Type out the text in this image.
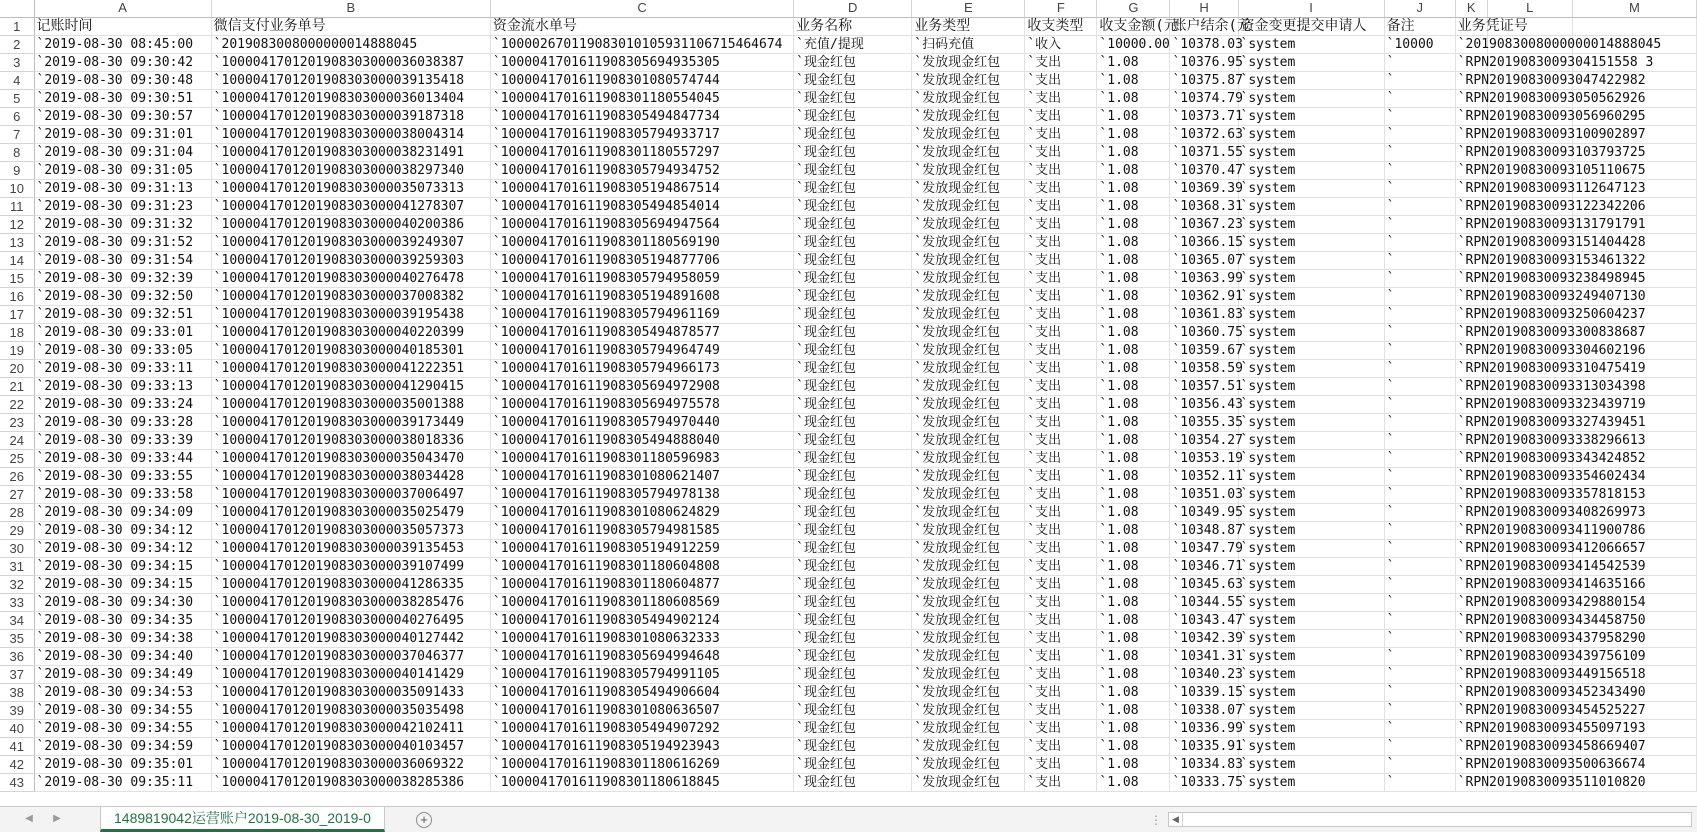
	A	B	C	D	E	F	G	H	I	J	K	L	M
1	记账时间	微信支付业务单号	资金流水单号	业务名称	业务类型	收支类型	收支金额(元	账户结余(元	资金变更提交申请人	备注	业务凭证号		
2	`2019-08-30 08:45:00	`2019083008000000014888045	`100002670119083010105931106715464674	`充值/提现	`扫码充值	`收入	`10000.00	`10378.03	`system	`10000	`2019083008000000014888045		
3	`2019-08-30 09:30:42	`1000041701201908303000036038387	`1000041701611908305694935305	`现金红包	`发放现金红包	`支出	`1.08	`10376.95	`system	`	`RPN2019083009304151558 3		
4	`2019-08-30 09:30:48	`1000041701201908303000039135418	`1000041701611908301080574744	`现金红包	`发放现金红包	`支出	`1.08	`10375.87	`system	`	`RPN20190830093047422982		
5	`2019-08-30 09:30:51	`1000041701201908303000036013404	`1000041701611908301180554045	`现金红包	`发放现金红包	`支出	`1.08	`10374.79	`system	`	`RPN20190830093050562926		
6	`2019-08-30 09:30:57	`1000041701201908303000039187318	`1000041701611908305494847734	`现金红包	`发放现金红包	`支出	`1.08	`10373.71	`system	`	`RPN20190830093056960295		
7	`2019-08-30 09:31:01	`1000041701201908303000038004314	`1000041701611908305794933717	`现金红包	`发放现金红包	`支出	`1.08	`10372.63	`system	`	`RPN20190830093100902897		
8	`2019-08-30 09:31:04	`1000041701201908303000038231491	`1000041701611908301180557297	`现金红包	`发放现金红包	`支出	`1.08	`10371.55	`system	`	`RPN20190830093103793725		
9	`2019-08-30 09:31:05	`1000041701201908303000038297340	`1000041701611908305794934752	`现金红包	`发放现金红包	`支出	`1.08	`10370.47	`system	`	`RPN20190830093105110675		
10	`2019-08-30 09:31:13	`1000041701201908303000035073313	`1000041701611908305194867514	`现金红包	`发放现金红包	`支出	`1.08	`10369.39	`system	`	`RPN20190830093112647123		
11	`2019-08-30 09:31:23	`1000041701201908303000041278307	`1000041701611908305494854014	`现金红包	`发放现金红包	`支出	`1.08	`10368.31	`system	`	`RPN20190830093122342206		
12	`2019-08-30 09:31:32	`1000041701201908303000040200386	`1000041701611908305694947564	`现金红包	`发放现金红包	`支出	`1.08	`10367.23	`system	`	`RPN20190830093131791791		
13	`2019-08-30 09:31:52	`1000041701201908303000039249307	`1000041701611908301180569190	`现金红包	`发放现金红包	`支出	`1.08	`10366.15	`system	`	`RPN20190830093151404428		
14	`2019-08-30 09:31:54	`1000041701201908303000039259303	`1000041701611908305194877706	`现金红包	`发放现金红包	`支出	`1.08	`10365.07	`system	`	`RPN20190830093153461322		
15	`2019-08-30 09:32:39	`1000041701201908303000040276478	`1000041701611908305794958059	`现金红包	`发放现金红包	`支出	`1.08	`10363.99	`system	`	`RPN20190830093238498945		
16	`2019-08-30 09:32:50	`1000041701201908303000037008382	`1000041701611908305194891608	`现金红包	`发放现金红包	`支出	`1.08	`10362.91	`system	`	`RPN20190830093249407130		
17	`2019-08-30 09:32:51	`1000041701201908303000039195438	`1000041701611908305794961169	`现金红包	`发放现金红包	`支出	`1.08	`10361.83	`system	`	`RPN20190830093250604237		
18	`2019-08-30 09:33:01	`1000041701201908303000040220399	`1000041701611908305494878577	`现金红包	`发放现金红包	`支出	`1.08	`10360.75	`system	`	`RPN20190830093300838687		
19	`2019-08-30 09:33:05	`1000041701201908303000040185301	`1000041701611908305794964749	`现金红包	`发放现金红包	`支出	`1.08	`10359.67	`system	`	`RPN20190830093304602196		
20	`2019-08-30 09:33:11	`1000041701201908303000041222351	`1000041701611908305794966173	`现金红包	`发放现金红包	`支出	`1.08	`10358.59	`system	`	`RPN20190830093310475419		
21	`2019-08-30 09:33:13	`1000041701201908303000041290415	`1000041701611908305694972908	`现金红包	`发放现金红包	`支出	`1.08	`10357.51	`system	`	`RPN20190830093313034398		
22	`2019-08-30 09:33:24	`1000041701201908303000035001388	`1000041701611908305694975578	`现金红包	`发放现金红包	`支出	`1.08	`10356.43	`system	`	`RPN20190830093323439719		
23	`2019-08-30 09:33:28	`1000041701201908303000039173449	`1000041701611908305794970440	`现金红包	`发放现金红包	`支出	`1.08	`10355.35	`system	`	`RPN20190830093327439451		
24	`2019-08-30 09:33:39	`1000041701201908303000038018336	`1000041701611908305494888040	`现金红包	`发放现金红包	`支出	`1.08	`10354.27	`system	`	`RPN20190830093338296613		
25	`2019-08-30 09:33:44	`1000041701201908303000035043470	`1000041701611908301180596983	`现金红包	`发放现金红包	`支出	`1.08	`10353.19	`system	`	`RPN20190830093343424852		
26	`2019-08-30 09:33:55	`1000041701201908303000038034428	`1000041701611908301080621407	`现金红包	`发放现金红包	`支出	`1.08	`10352.11	`system	`	`RPN20190830093354602434		
27	`2019-08-30 09:33:58	`1000041701201908303000037006497	`1000041701611908305794978138	`现金红包	`发放现金红包	`支出	`1.08	`10351.03	`system	`	`RPN20190830093357818153		
28	`2019-08-30 09:34:09	`1000041701201908303000035025479	`1000041701611908301080624829	`现金红包	`发放现金红包	`支出	`1.08	`10349.95	`system	`	`RPN20190830093408269973		
29	`2019-08-30 09:34:12	`1000041701201908303000035057373	`1000041701611908305794981585	`现金红包	`发放现金红包	`支出	`1.08	`10348.87	`system	`	`RPN20190830093411900786		
30	`2019-08-30 09:34:12	`1000041701201908303000039135453	`1000041701611908305194912259	`现金红包	`发放现金红包	`支出	`1.08	`10347.79	`system	`	`RPN20190830093412066657		
31	`2019-08-30 09:34:15	`1000041701201908303000039107499	`1000041701611908301180604808	`现金红包	`发放现金红包	`支出	`1.08	`10346.71	`system	`	`RPN20190830093414542539		
32	`2019-08-30 09:34:15	`1000041701201908303000041286335	`1000041701611908301180604877	`现金红包	`发放现金红包	`支出	`1.08	`10345.63	`system	`	`RPN20190830093414635166		
33	`2019-08-30 09:34:30	`1000041701201908303000038285476	`1000041701611908301180608569	`现金红包	`发放现金红包	`支出	`1.08	`10344.55	`system	`	`RPN20190830093429880154		
34	`2019-08-30 09:34:35	`1000041701201908303000040276495	`1000041701611908305494902124	`现金红包	`发放现金红包	`支出	`1.08	`10343.47	`system	`	`RPN20190830093434458750		
35	`2019-08-30 09:34:38	`1000041701201908303000040127442	`1000041701611908301080632333	`现金红包	`发放现金红包	`支出	`1.08	`10342.39	`system	`	`RPN20190830093437958290		
36	`2019-08-30 09:34:40	`1000041701201908303000037046377	`1000041701611908305694994648	`现金红包	`发放现金红包	`支出	`1.08	`10341.31	`system	`	`RPN20190830093439756109		
37	`2019-08-30 09:34:49	`1000041701201908303000040141429	`1000041701611908305794991105	`现金红包	`发放现金红包	`支出	`1.08	`10340.23	`system	`	`RPN20190830093449156518		
38	`2019-08-30 09:34:53	`1000041701201908303000035091433	`1000041701611908305494906604	`现金红包	`发放现金红包	`支出	`1.08	`10339.15	`system	`	`RPN20190830093452343490		
39	`2019-08-30 09:34:55	`1000041701201908303000035035498	`1000041701611908301080636507	`现金红包	`发放现金红包	`支出	`1.08	`10338.07	`system	`	`RPN20190830093454525227		
40	`2019-08-30 09:34:55	`1000041701201908303000042102411	`1000041701611908305494907292	`现金红包	`发放现金红包	`支出	`1.08	`10336.99	`system	`	`RPN20190830093455097193		
41	`2019-08-30 09:34:59	`1000041701201908303000040103457	`1000041701611908305194923943	`现金红包	`发放现金红包	`支出	`1.08	`10335.91	`system	`	`RPN20190830093458669407		
42	`2019-08-30 09:35:01	`1000041701201908303000036069322	`1000041701611908301180616269	`现金红包	`发放现金红包	`支出	`1.08	`10334.83	`system	`	`RPN20190830093500636674		
43	`2019-08-30 09:35:11	`1000041701201908303000038285386	`1000041701611908301180618845	`现金红包	`发放现金红包	`支出	`1.08	`10333.75	`system	`	`RPN20190830093511010820		
◀	▶	1489819042运营账户2019-08-30_2019-0	+	⋮	◀
